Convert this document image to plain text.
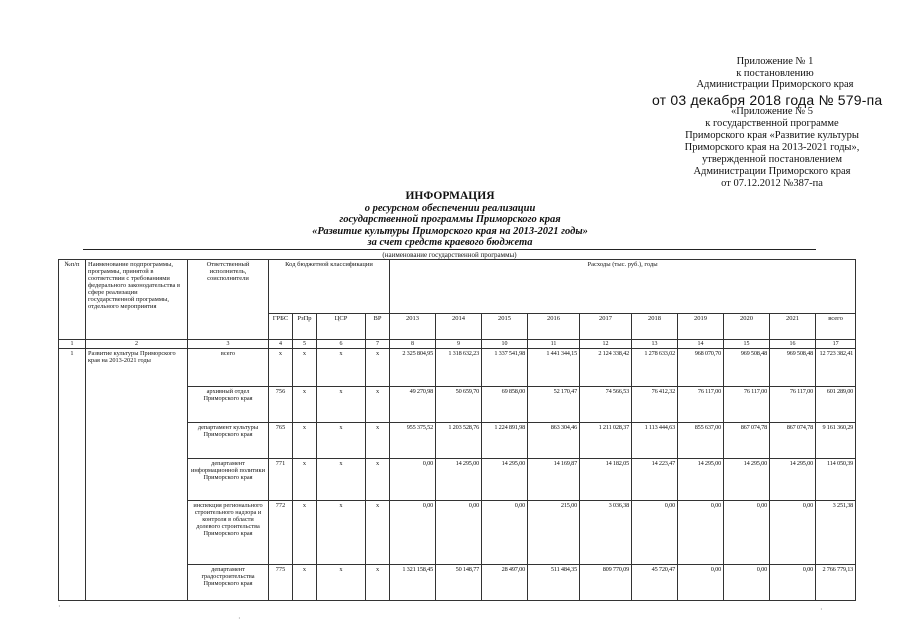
Приложение № 1
к постановлению
Администрации Приморского края
от 03 декабря 2018 года № 579-па
«Приложение № 5
к государственной программе
Приморского края «Развитие культуры
Приморского края на 2013-2021 годы»,
утвержденной постановлением
Администрации Приморского края
от 07.12.2012 №387-па
ИНФОРМАЦИЯ
о ресурсном обеспечении реализации
государственной программы Приморского края
«Развитие культуры Приморского края на 2013-2021 годы»
за счет средств краевого бюджета
(наименование государственной программы)
№п/п	Наименование подпрограммы, программы, принятой в соответствии с требованиями федерального законодательства в сфере реализации государственной программы, отдельного мероприятия	Ответственный исполнитель, соисполнители	Код бюджетной классификации				Расходы (тыс. руб.), годы									
			ГРБС	РзПр	ЦСР	ВР	2013	2014	2015	2016	2017	2018	2019	2020	2021	всего
1	2	3	4	5	6	7	8	9	10	11	12	13	14	15	16	17
1	Развитие культуры Приморского края на 2013-2021 годы	всего	х	х	х	х	2 325 804,95	1 318 632,23	1 337 541,98	1 441 344,15	2 124 338,42	1 278 633,02	968 070,70	969 508,48	969 508,48	12 723 382,41
		архивный отдел Приморского края	756	х	х	х	49 270,98	50 659,70	69 858,00	52 170,47	74 566,53	76 412,32	76 117,00	76 117,00	76 117,00	601 289,00
		департамент культуры Приморского края	765	х	х	х	955 375,52	1 203 528,76	1 224 891,98	863 304,46	1 211 028,37	1 113 444,63	855 637,00	867 074,78	867 074,78	9 161 360,29
		департамент информационной политики Приморского края	771	х	х	х	0,00	14 295,00	14 295,00	14 169,87	14 182,05	14 223,47	14 295,00	14 295,00	14 295,00	114 050,39
		инспекция регионального строительного надзора и контроля в области долевого строительства Приморского края	772	х	х	х	0,00	0,00	0,00	215,00	3 036,38	0,00	0,00	0,00	0,00	3 251,38
		департамент градостроительства Приморского края	775	х	х	х	1 321 158,45	50 148,77	28 497,00	511 484,35	809 770,09	45 720,47	0,00	0,00	0,00	2 766 779,13
·
·
·
